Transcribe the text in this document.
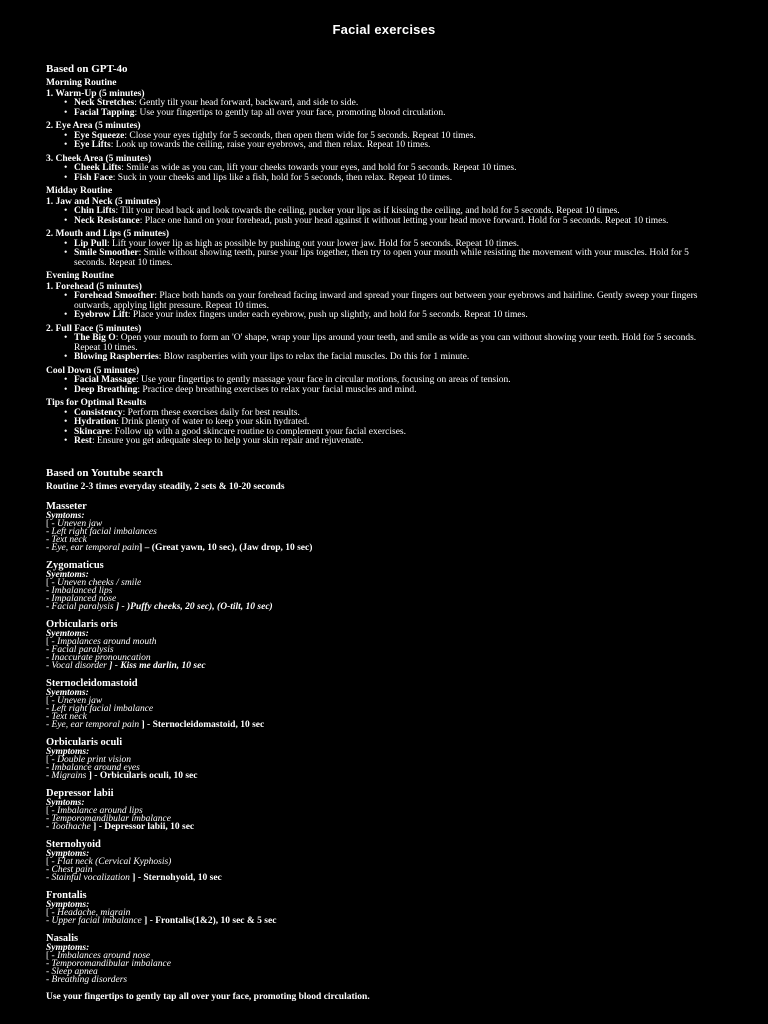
Facial exercises
Based on GPT-4o
Morning Routine
1. Warm-Up (5 minutes)
• Neck Stretches: Gently tilt your head forward, backward, and side to side.
• Facial Tapping: Use your fingertips to gently tap all over your face, promoting blood circulation.
2. Eye Area (5 minutes)
• Eye Squeeze: Close your eyes tightly for 5 seconds, then open them wide for 5 seconds. Repeat 10 times.
• Eye Lifts: Look up towards the ceiling, raise your eyebrows, and then relax. Repeat 10 times.
3. Cheek Area (5 minutes)
• Cheek Lifts: Smile as wide as you can, lift your cheeks towards your eyes, and hold for 5 seconds. Repeat 10 times.
• Fish Face: Suck in your cheeks and lips like a fish, hold for 5 seconds, then relax. Repeat 10 times.
Midday Routine
1. Jaw and Neck (5 minutes)
• Chin Lifts: Tilt your head back and look towards the ceiling, pucker your lips as if kissing the ceiling, and hold for 5 seconds. Repeat 10 times.
• Neck Resistance: Place one hand on your forehead, push your head against it without letting your head move forward. Hold for 5 seconds. Repeat 10 times.
2. Mouth and Lips (5 minutes)
• Lip Pull: Lift your lower lip as high as possible by pushing out your lower jaw. Hold for 5 seconds. Repeat 10 times.
• Smile Smoother: Smile without showing teeth, purse your lips together, then try to open your mouth while resisting the movement with your muscles. Hold for 5 seconds. Repeat 10 times.
Evening Routine
1. Forehead (5 minutes)
• Forehead Smoother: Place both hands on your forehead facing inward and spread your fingers out between your eyebrows and hairline. Gently sweep your fingers outwards, applying light pressure. Repeat 10 times.
• Eyebrow Lift: Place your index fingers under each eyebrow, push up slightly, and hold for 5 seconds. Repeat 10 times.
2. Full Face (5 minutes)
• The Big O: Open your mouth to form an 'O' shape, wrap your lips around your teeth, and smile as wide as you can without showing your teeth. Hold for 5 seconds. Repeat 10 times.
• Blowing Raspberries: Blow raspberries with your lips to relax the facial muscles. Do this for 1 minute.
Cool Down (5 minutes)
• Facial Massage: Use your fingertips to gently massage your face in circular motions, focusing on areas of tension.
• Deep Breathing: Practice deep breathing exercises to relax your facial muscles and mind.
Tips for Optimal Results
• Consistency: Perform these exercises daily for best results.
• Hydration: Drink plenty of water to keep your skin hydrated.
• Skincare: Follow up with a good skincare routine to complement your facial exercises.
• Rest: Ensure you get adequate sleep to help your skin repair and rejuvenate.
Based on Youtube search
Routine 2-3 times everyday steadily, 2 sets & 10-20 seconds
Masseter
Symtoms:
[ - Uneven jaw
- Left right facial imbalances
- Text neck
- Eye, ear temporal pain] – (Great yawn, 10 sec), (Jaw drop, 10 sec)
Zygomaticus
Syemtoms:
[ - Uneven cheeks / smile
- Imbalanced lips
- Impalanced nose
- Facial paralysis ] - )Puffy cheeks, 20 sec), (O-tilt, 10 sec)
Orbicularis oris
Syemtoms:
[ - Impalances around mouth
- Facial paralysis
- Inaccurate pronouncation
- Vocal disorder ] - Kiss me darlin, 10 sec
Sternocleidomastoid
Syemtoms:
[ - Uneven jaw
- Left right facial imbalance
- Text neck
- Eye, ear temporal pain ] - Sternocleidomastoid, 10 sec
Orbicularis oculi
Symptoms:
[ - Double print vision
- Imbalance around eyes
- Migrains ] - Orbicularis oculi, 10 sec
Depressor labii
Symtoms:
[ - Imbalance around lips
- Temporomandibular imbalance
- Toothache ] - Depressor labii, 10 sec
Sternohyoid
Symptoms:
[ - Flat neck (Cervical Kyphosis)
- Chest pain
- Stainful vocalization ] - Sternohyoid, 10 sec
Frontalis
Symptoms:
[ - Headache, migrain
- Upper facial imbalance ] - Frontalis(1&2), 10 sec & 5 sec
Nasalis
Symptoms:
[ - Imbalances around nose
- Temporomandibular imbalance
- Sleep apnea
- Breathing disorders
Use your fingertips to gently tap all over your face, promoting blood circulation.
